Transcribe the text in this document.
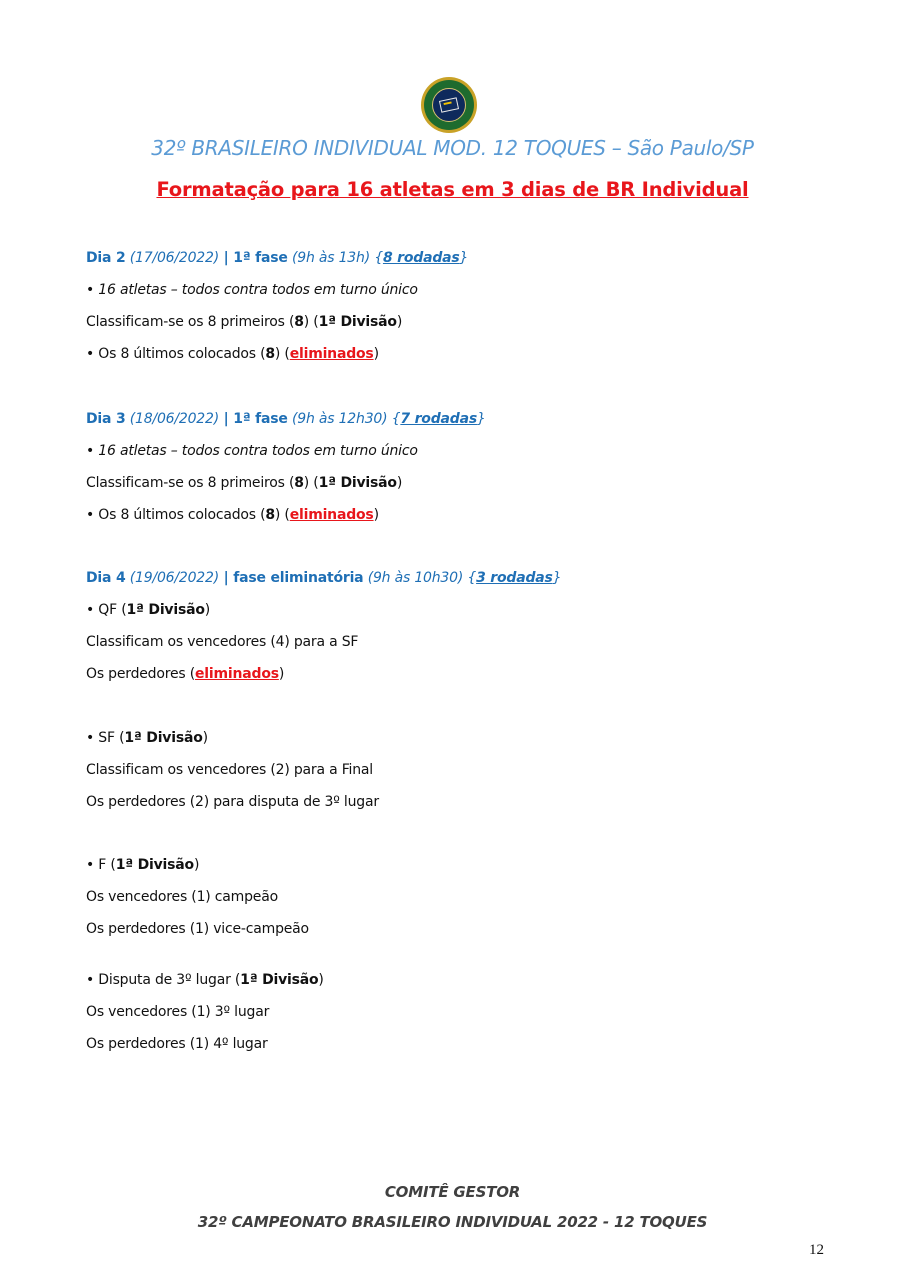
32º BRASILEIRO INDIVIDUAL MOD. 12 TOQUES – São Paulo/SP
Formatação para 16 atletas em 3 dias de BR Individual
Dia 2 (17/06/2022) | 1ª fase (9h às 13h) {8 rodadas}
• 16 atletas – todos contra todos em turno único
Classificam-se os 8 primeiros (8) (1ª Divisão)
• Os 8 últimos colocados (8) (eliminados)
Dia 3 (18/06/2022) | 1ª fase (9h às 12h30) {7 rodadas}
• 16 atletas – todos contra todos em turno único
Classificam-se os 8 primeiros (8) (1ª Divisão)
• Os 8 últimos colocados (8) (eliminados)
Dia 4 (19/06/2022) | fase eliminatória (9h às 10h30) {3 rodadas}
• QF (1ª Divisão)
Classificam os vencedores (4) para a SF
Os perdedores (eliminados)
• SF (1ª Divisão)
Classificam os vencedores (2) para a Final
Os perdedores (2) para disputa de 3º lugar
• F (1ª Divisão)
Os vencedores (1) campeão
Os perdedores (1) vice-campeão
• Disputa de 3º lugar (1ª Divisão)
Os vencedores (1) 3º lugar
Os perdedores (1) 4º lugar
COMITÊ GESTOR
32º CAMPEONATO BRASILEIRO INDIVIDUAL 2022 - 12 TOQUES
12
